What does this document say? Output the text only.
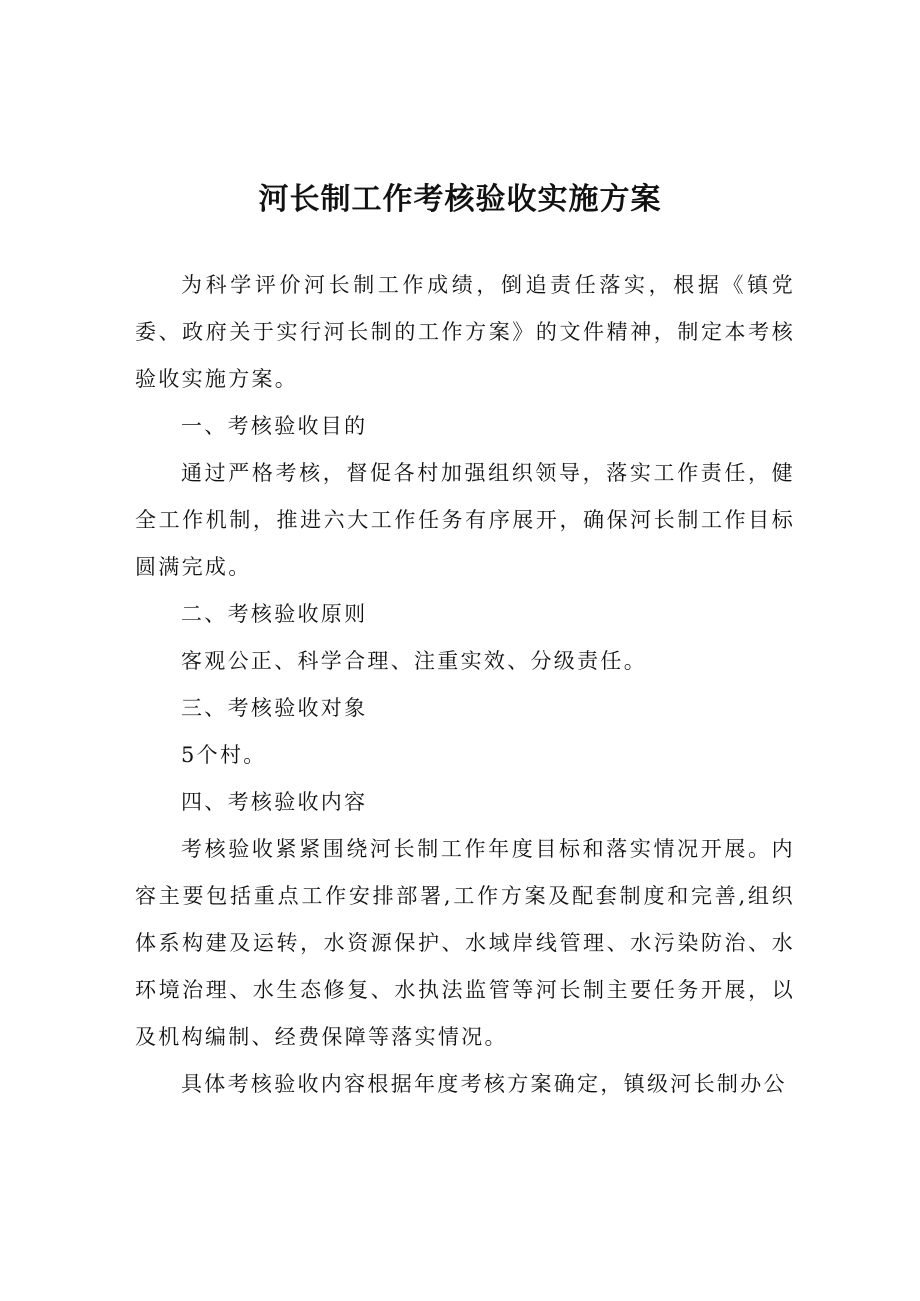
河长制工作考核验收实施方案

为科学评价河长制工作成绩，倒追责任落实，根据《镇党委、政府关于实行河长制的工作方案》的文件精神，制定本考核验收实施方案。

一、考核验收目的

通过严格考核，督促各村加强组织领导，落实工作责任，健全工作机制，推进六大工作任务有序展开，确保河长制工作目标圆满完成。

二、考核验收原则

客观公正、科学合理、注重实效、分级责任。

三、考核验收对象

5个村。

四、考核验收内容

考核验收紧紧围绕河长制工作年度目标和落实情况开展。内容主要包括重点工作安排部署,工作方案及配套制度和完善,组织体系构建及运转，水资源保护、水域岸线管理、水污染防治、水环境治理、水生态修复、水执法监管等河长制主要任务开展，以及机构编制、经费保障等落实情况。

具体考核验收内容根据年度考核方案确定，镇级河长制办公
